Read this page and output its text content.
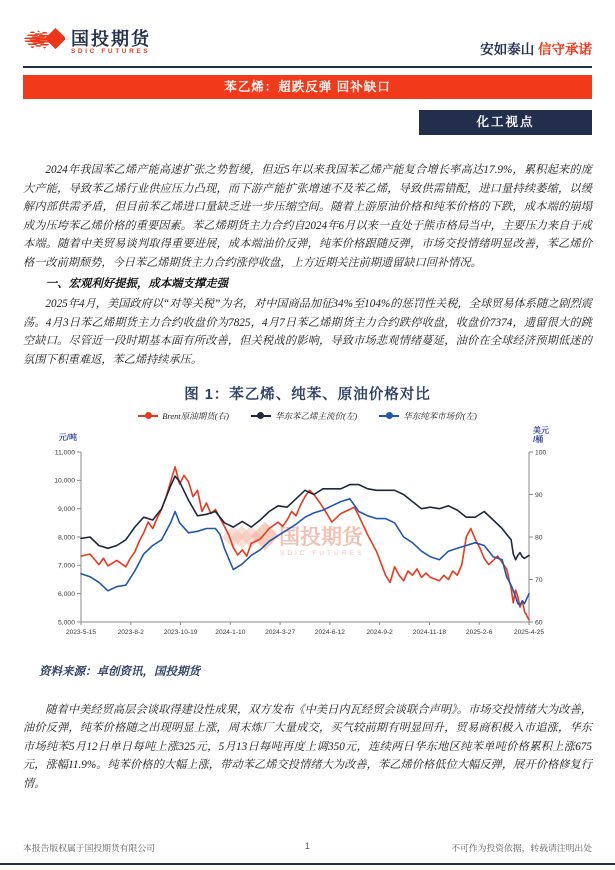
国投期货
SDIC FUTURES	安如泰山 信守承诺
苯乙烯：超跌反弹 回补缺口
化工视点

2024年我国苯乙烯产能高速扩张之势暂缓，但近5年以来我国苯乙烯产能复合增长率高达17.9%，累积起来的庞大产能，导致苯乙烯行业供应压力凸现，而下游产能扩张增速不及苯乙烯，导致供需错配，进口量持续萎缩，以缓解内部供需矛盾，但目前苯乙烯进口量缺乏进一步压缩空间。随着上游原油价格和纯苯价格的下跌，成本端的崩塌成为压垮苯乙烯价格的重要因素。苯乙烯期货主力合约自2024年6月以来一直处于熊市格局当中，主要压力来自于成本端。随着中美贸易谈判取得重要进展，成本端油价反弹，纯苯价格跟随反弹，市场交投情绪明显改善，苯乙烯价格一改前期颓势，今日苯乙烯期货主力合约涨停收盘，上方近期关注前期遗留缺口回补情况。

一、宏观利好提振，成本端支撑走强

2025年4月，美国政府以“对等关税”为名，对中国商品加征34%至104%的惩罚性关税，全球贸易体系随之剧烈震荡。4月3日苯乙烯期货主力合约收盘价为7825，4月7日苯乙烯期货主力合约跌停收盘，收盘价7374，遗留很大的跳空缺口。尽管近一段时期基本面有所改善，但关税战的影响，导致市场悲观情绪蔓延，油价在全球经济预期低迷的氛围下积重难返，苯乙烯持续承压。

图 1：苯乙烯、纯苯、原油价格对比
Brent原油期货(右)	华东苯乙烯主流价(左)	华东纯苯市场价(左)
国投期货
SDIC FUTURES
11,000
10,000
9,000
8,000
7,000
6,000
5,000
100
90
80
70
60
2023-5-15	2023-8-2	2023-10-19	2024-1-10	2024-3-27	2024-6-12	2024-9-2	2024-11-18	2025-2-6	2025-4-25
元/吨
美元
/桶
资料来源：卓创资讯，国投期货

随着中美经贸高层会谈取得建设性成果，双方发布《中美日内瓦经贸会谈联合声明》。市场交投情绪大为改善，油价反弹，纯苯价格随之出现明显上涨，周末炼厂大量成交，买气较前期有明显回升，贸易商积极入市追涨，华东市场纯苯5月12日单日每吨上涨325元，5月13日每吨再度上调350元，连续两日华东地区纯苯单吨价格累积上涨675元，涨幅11.9%。纯苯价格的大幅上涨，带动苯乙烯交投情绪大为改善，苯乙烯价格低位大幅反弹，展开价格修复行情。

本报告版权属于国投期货有限公司	1	不可作为投资依据，转载请注明出处
